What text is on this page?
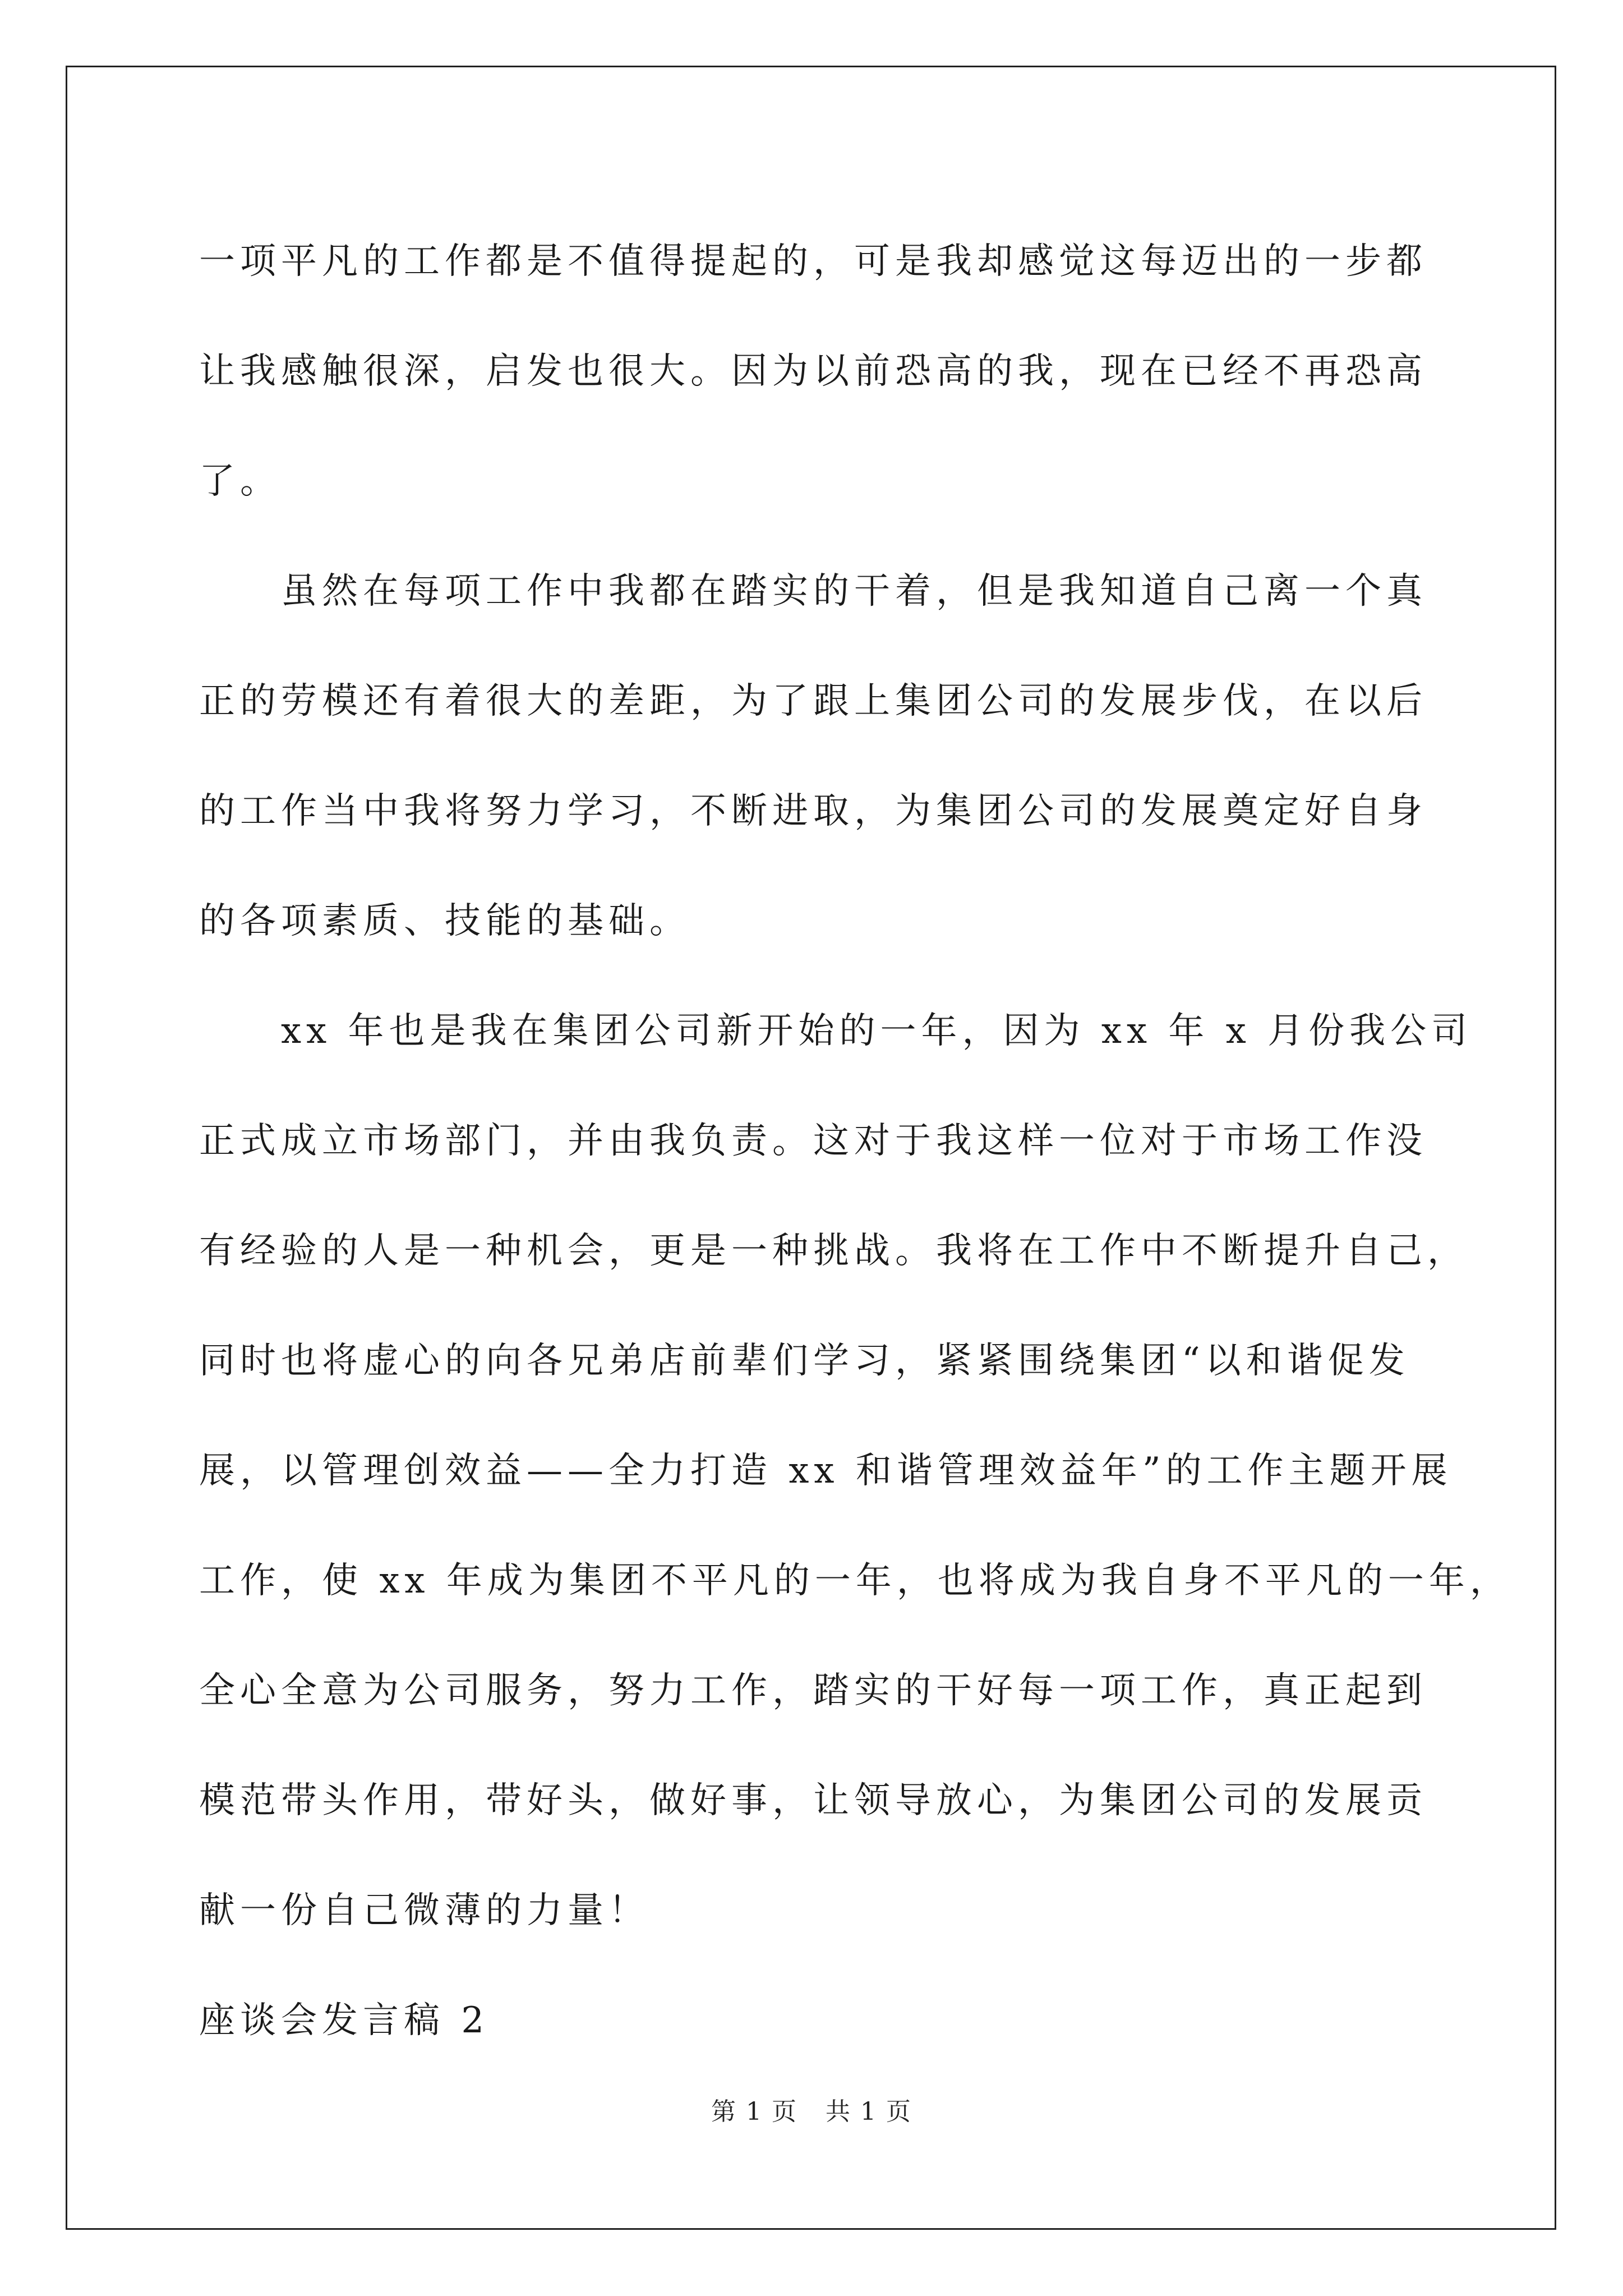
一项平凡的工作都是不值得提起的，可是我却感觉这每迈出的一步都
让我感触很深，启发也很大。因为以前恐高的我，现在已经不再恐高
了。
虽然在每项工作中我都在踏实的干着，但是我知道自己离一个真
正的劳模还有着很大的差距，为了跟上集团公司的发展步伐，在以后
的工作当中我将努力学习，不断进取，为集团公司的发展奠定好自身
的各项素质、技能的基础。
xx 年也是我在集团公司新开始的一年，因为 xx 年 x 月份我公司
正式成立市场部门，并由我负责。这对于我这样一位对于市场工作没
有经验的人是一种机会，更是一种挑战。我将在工作中不断提升自己，
同时也将虚心的向各兄弟店前辈们学习，紧紧围绕集团“以和谐促发
展，以管理创效益——全力打造 xx 和谐管理效益年”的工作主题开展
工作，使 xx 年成为集团不平凡的一年，也将成为我自身不平凡的一年，
全心全意为公司服务，努力工作，踏实的干好每一项工作，真正起到
模范带头作用，带好头，做好事，让领导放心，为集团公司的发展贡
献一份自己微薄的力量！
座谈会发言稿 2
第 1 页 共 1 页
